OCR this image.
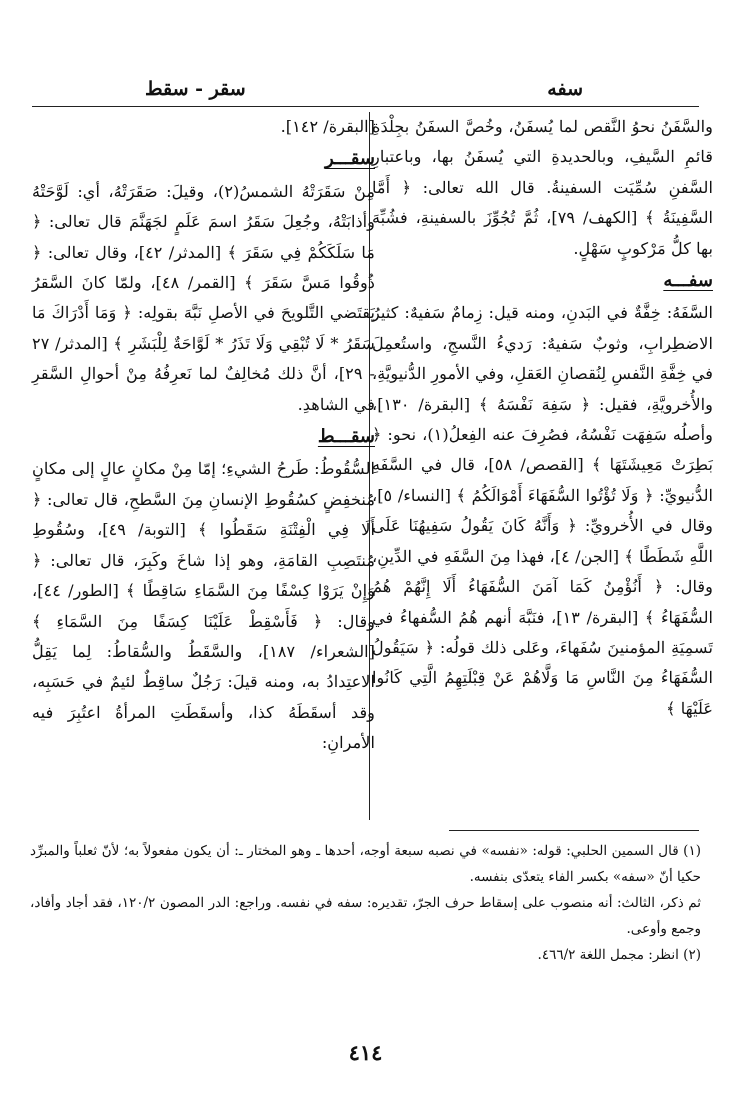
سفه
سقر - سقط

والسَّفَنُ نحوُ النَّقص لما يُسفَنُ، وخُصَّ السفَنُ بجِلْدَةِ قائمِ السَّيفِ، وبالحديدةِ التي يُسفَنُ بها، وباعتبارِ السَّفنِ سُمِّيَت السفينةُ. قال الله تعالى: ﴿ أَمَّا السَّفِينَةُ ﴾ [الكهف/ ٧٩]، ثُمَّ تُجُوِّزَ بالسفينةِ، فشُبِّهَ بها كلُّ مَرْكوبٍ سَهْلٍ.

سفـــه

السَّفَهُ: خِفَّةٌ في البَدنِ، ومنه قيل: زِمامٌ سَفيهٌ: كثيرُ الاضطِرابِ، وثوبٌ سَفيهٌ: رَديءُ النَّسجِ، واستُعمِلَ في خِفَّةِ النَّفسِ لِنُقصانِ العَقلِ، وفي الأمورِ الدُّنيويَّةِ، والأُخرويَّةِ، فقيل: ﴿ سَفِهَ نَفْسَهُ ﴾ [البقرة/ ١٣٠]، وأصلُه سَفِهَت نَفْسُهُ، فصُرِفَ عنه الفِعلُ(١)، نحو: ﴿ بَطِرَتْ مَعِيشَتَهَا ﴾ [القصص/ ٥٨]، قال في السَّفَهِ الدُّنيويِّ: ﴿ وَلَا تُؤْتُوا السُّفَهَاءَ أَمْوَالَكُمُ ﴾ [النساء/ ٥]، وقال في الأُخرويِّ: ﴿ وَأَنَّهُ كَانَ يَقُولُ سَفِيهُنَا عَلَى اللَّهِ شَطَطًا ﴾ [الجن/ ٤]، فهذا مِنَ السَّفَهِ في الدِّينِ، وقال: ﴿ أَنُؤْمِنُ كَمَا آمَنَ السُّفَهَاءُ أَلَا إِنَّهُمْ هُمُ السُّفَهَاءُ ﴾ [البقرة/ ١٣]، فنَبَّهَ أنهم هُمُ السُّفهاءُ في تَسمِيَةِ المؤمنينَ سُفَهاءَ، وعَلى ذلك قولُه: ﴿ سَيَقُولُ السُّفَهَاءُ مِنَ النَّاسِ مَا وَلَّاهُمْ عَنْ قِبْلَتِهِمُ الَّتِي كَانُوا عَلَيْهَا ﴾

[البقرة/ ١٤٢].

سقـــر

مِنْ سَقَرَتْهُ الشمسُ(٢)، وقيلَ: صَقَرَتْهُ، أي: لَوَّحَتْهُ وأذابَتْهُ، وجُعِلَ سَقَرُ اسمَ عَلَمٍ لجَهَنَّمَ قال تعالى: ﴿ مَا سَلَكَكُمْ فِي سَقَرَ ﴾ [المدثر/ ٤٢]، وقال تعالى: ﴿ ذُوقُوا مَسَّ سَقَرَ ﴾ [القمر/ ٤٨]، ولمّا كانَ السَّقرُ يَقتَضي التَّلويحَ في الأصلِ نَبَّهَ بقولِه: ﴿ وَمَا أَدْرَاكَ مَا سَقَرُ * لَا تُبْقِي وَلَا تَذَرُ * لَوَّاحَةٌ لِلْبَشَرِ ﴾ [المدثر/ ٢٧ - ٢٩]، أنَّ ذلك مُخالِفٌ لما نَعرِفُهُ مِنْ أحوالِ السَّقرِ في الشاهدِ.

سقـــط

السُّقُوطُ: طَرحُ الشيءِ؛ إمّا مِنْ مكانٍ عالٍ إلى مكانٍ مُنخفِضٍ كسُقُوطِ الإنسانِ مِنَ السَّطحِ، قال تعالى: ﴿ أَلَا فِي الْفِتْنَةِ سَقَطُوا ﴾ [التوبة/ ٤٩]، وسُقُوطِ مُنتَصِبِ القامَةِ، وهو إذا شاخَ وكَبِرَ، قال تعالى: ﴿ وَإِنْ يَرَوْا كِسْفًا مِنَ السَّمَاءِ سَاقِطًا ﴾ [الطور/ ٤٤]، وقال: ﴿ فَأَسْقِطْ عَلَيْنَا كِسَفًا مِنَ السَّمَاءِ ﴾ [الشعراء/ ١٨٧]، والسَّقَطُ والسُّقاطُ: لِما يَقِلُّ الاعتِدادُ به، ومنه قيلَ: رَجُلٌ ساقِطٌ لئيمٌ في حَسَبِه، وقد أسقَطَهُ كذا، وأسقَطَتِ المرأةُ اعتُبِرَ فيه الأمرانِ:

(١) قال السمين الحلبي: قوله: «نفسه» في نصبه سبعة أوجه، أحدها ـ وهو المختار ـ: أن يكون مفعولاً به؛ لأنّ ثعلباً والمبرِّد حكيا أنّ «سفه» بكسر الفاء يتعدّى بنفسه.

ثم ذكر، الثالث: أنه منصوب على إسقاط حرف الجرّ، تقديره: سفه في نفسه. وراجع: الدر المصون ١٢٠/٢، فقد أجاد وأفاد، وجمع وأوعى.

(٢) انظر: مجمل اللغة ٤٦٦/٢.

٤١٤
